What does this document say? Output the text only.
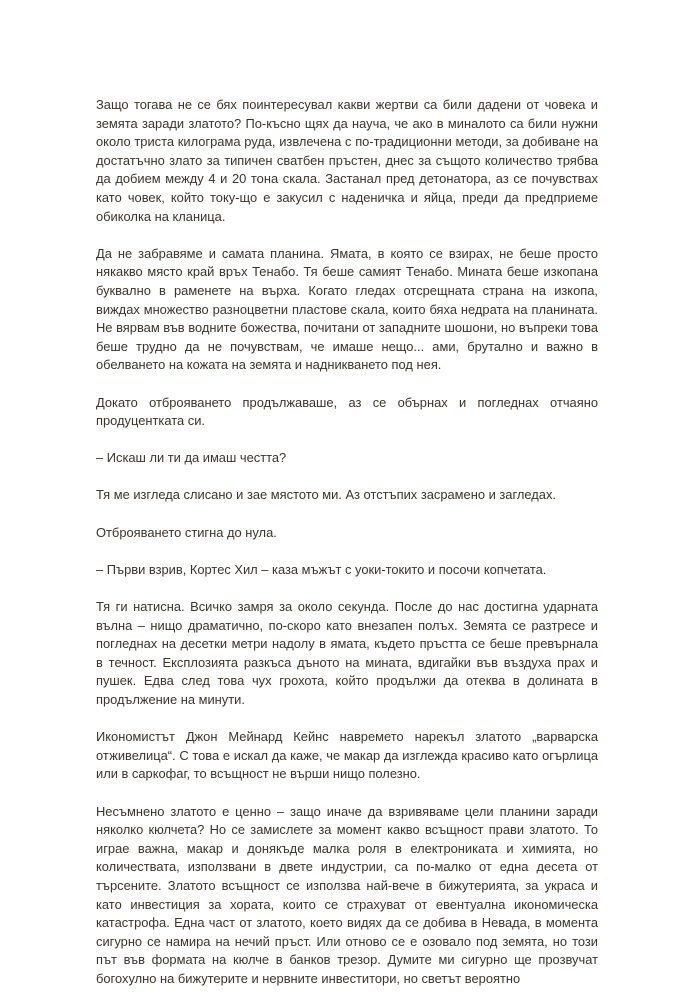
Защо тогава не се бях поинтересувал какви жертви са били дадени от човека и земята заради златото? По-късно щях да науча, че ако в миналото са били нужни около триста килограма руда, извлечена с по-традиционни методи, за добиване на достатъчно злато за типичен сватбен пръстен, днес за същото количество трябва да добием между 4 и 20 тона скала. Застанал пред детонатора, аз се почувствах като човек, който току-що е закусил с наденичка и яйца, преди да предприеме обиколка на кланица.

Да не забравяме и самата планина. Ямата, в която се взирах, не беше просто някакво място край връх Тенабо. Тя беше самият Тенабо. Мината беше изкопана буквално в раменете на върха. Когато гледах отсрещната страна на изкопа, виждах множество разноцветни пластове скала, които бяха недрата на планината. Не вярвам във водните божества, почитани от западните шошони, но въпреки това беше трудно да не почувствам, че имаше нещо... ами, брутално и важно в обелването на кожата на земята и надникването под нея.

Докато отброяването продължаваше, аз се обърнах и погледнах отчаяно продуцентката си.

– Искаш ли ти да имаш честта?

Тя ме изгледа слисано и зае мястото ми. Аз отстъпих засрамено и загледах.

Отброяването стигна до нула.

– Първи взрив, Кортес Хил – каза мъжът с уоки-токито и посочи копчетата.

Тя ги натисна. Всичко замря за около секунда. После до нас достигна ударната вълна – нищо драматично, по-скоро като внезапен полъх. Земята се разтресе и погледнах на десетки метри надолу в ямата, където пръстта се беше превърнала в течност. Експлозията разкъса дъното на мината, вдигайки във въздуха прах и пушек. Едва след това чух грохота, който продължи да отеква в долината в продължение на минути.

Икономистът Джон Мейнард Кейнс навремето нарекъл златото „варварска отживелица“. С това е искал да каже, че макар да изглежда красиво като огърлица или в саркофаг, то всъщност не върши нищо полезно.

Несъмнено златото е ценно – защо иначе да взривяваме цели планини заради няколко кюлчета? Но се замислете за момент какво всъщност прави златото. То играе важна, макар и донякъде малка роля в електрониката и химията, но количествата, използвани в двете индустрии, са по-малко от една десета от търсените. Златото всъщност се използва най-вече в бижутерията, за украса и като инвестиция за хората, които се страхуват от евентуална икономическа катастрофа. Една част от златото, което видях да се добива в Невада, в момента сигурно се намира на нечий пръст. Или отново се е озовало под земята, но този път във формата на кюлче в банков трезор. Думите ми сигурно ще прозвучат богохулно на бижутерите и нервните инвеститори, но светът вероятно
